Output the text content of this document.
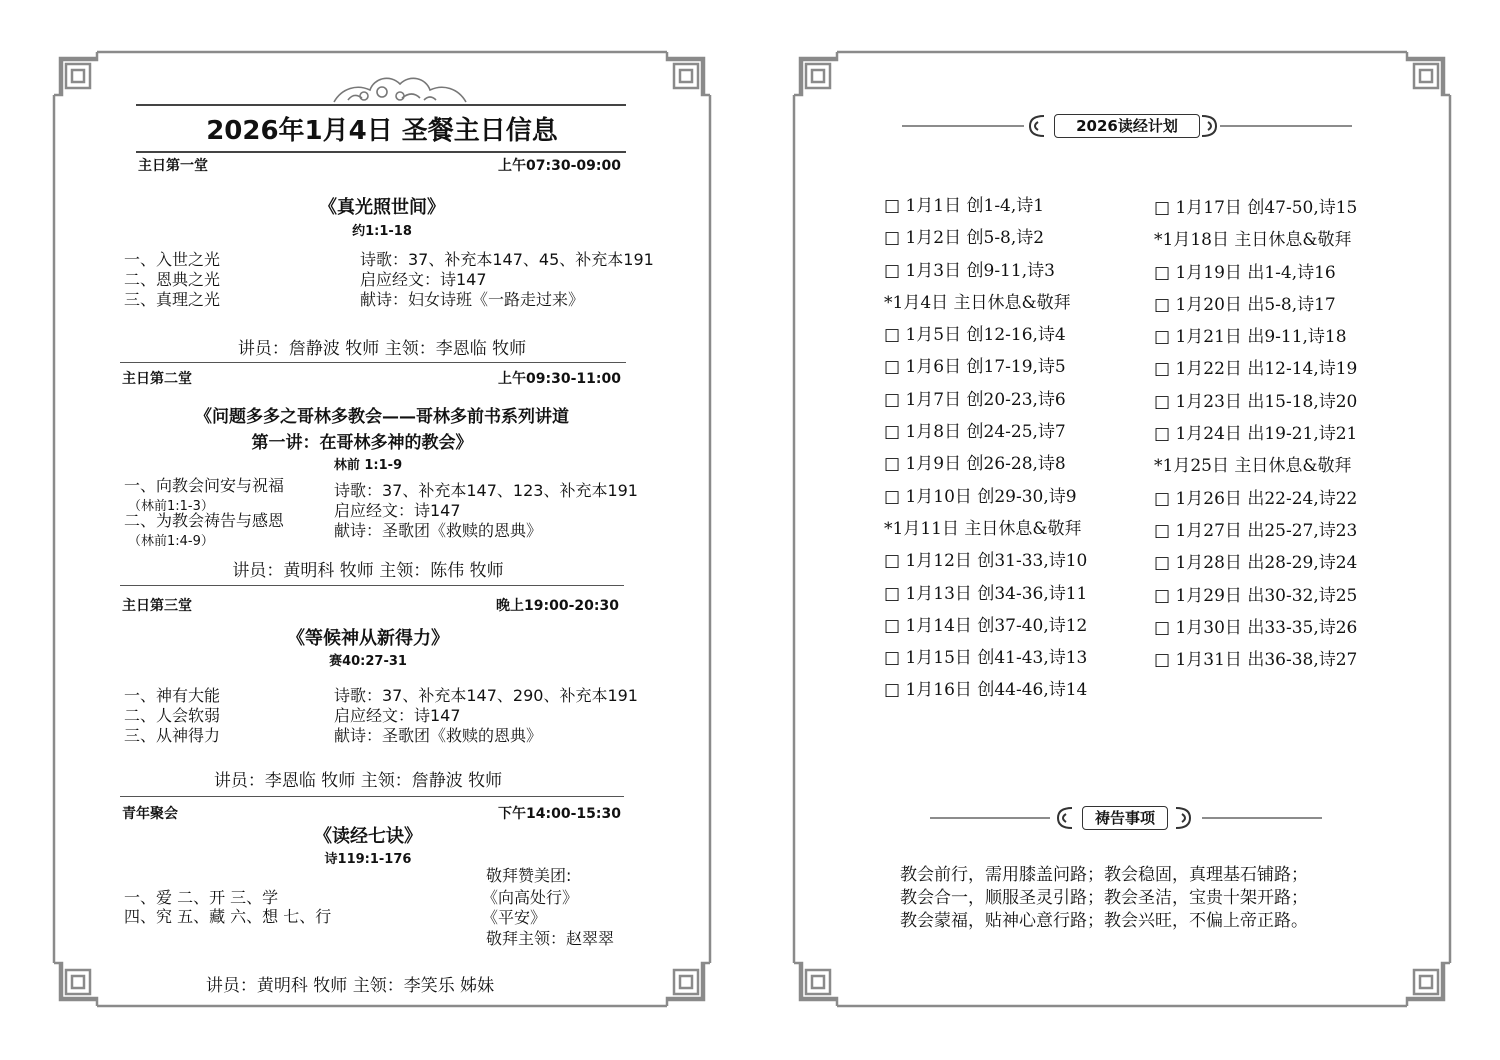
2026年1月4日 圣餐主日信息
主日第一堂	上午07:30-09:00
《真光照世间》
约1:1-18
一、入世之光
二、恩典之光
三、真理之光
诗歌：37、补充本147、45、补充本191
启应经文：诗147
献诗：妇女诗班《一路走过来》
讲员：詹静波 牧师 主领：李恩临 牧师
主日第二堂	上午09:30-11:00
《问题多多之哥林多教会——哥林多前书系列讲道
第一讲：在哥林多神的教会》
林前 1:1-9
一、向教会问安与祝福
（林前1:1-3）
二、为教会祷告与感恩
（林前1:4-9）
诗歌：37、补充本147、123、补充本191
启应经文：诗147
献诗：圣歌团《救赎的恩典》
讲员：黄明科 牧师 主领：陈伟 牧师
主日第三堂	晚上19:00-20:30
《等候神从新得力》
赛40:27-31
一、神有大能
二、人会软弱
三、从神得力
诗歌：37、补充本147、290、补充本191
启应经文：诗147
献诗：圣歌团《救赎的恩典》
讲员：李恩临 牧师 主领：詹静波 牧师
青年聚会	下午14:00-15:30
《读经七诀》
诗119:1-176
一、爱 二、开 三、学
四、究 五、藏 六、想 七、行
敬拜赞美团:
《向高处行》
《平安》
敬拜主领：赵翠翠
讲员：黄明科 牧师 主领：李笑乐 姊妹
2026读经计划
□ 1月1日 创1-4,诗1
□ 1月2日 创5-8,诗2
□ 1月3日 创9-11,诗3
*1月4日 主日休息&敬拜
□ 1月5日 创12-16,诗4
□ 1月6日 创17-19,诗5
□ 1月7日 创20-23,诗6
□ 1月8日 创24-25,诗7
□ 1月9日 创26-28,诗8
□ 1月10日 创29-30,诗9
*1月11日 主日休息&敬拜
□ 1月12日 创31-33,诗10
□ 1月13日 创34-36,诗11
□ 1月14日 创37-40,诗12
□ 1月15日 创41-43,诗13
□ 1月16日 创44-46,诗14
□ 1月17日 创47-50,诗15
*1月18日 主日休息&敬拜
□ 1月19日 出1-4,诗16
□ 1月20日 出5-8,诗17
□ 1月21日 出9-11,诗18
□ 1月22日 出12-14,诗19
□ 1月23日 出15-18,诗20
□ 1月24日 出19-21,诗21
*1月25日 主日休息&敬拜
□ 1月26日 出22-24,诗22
□ 1月27日 出25-27,诗23
□ 1月28日 出28-29,诗24
□ 1月29日 出30-32,诗25
□ 1月30日 出33-35,诗26
□ 1月31日 出36-38,诗27
祷告事项
教会前行，需用膝盖问路；教会稳固，真理基石铺路；
教会合一，顺服圣灵引路；教会圣洁，宝贵十架开路；
教会蒙福，贴神心意行路；教会兴旺，不偏上帝正路。
